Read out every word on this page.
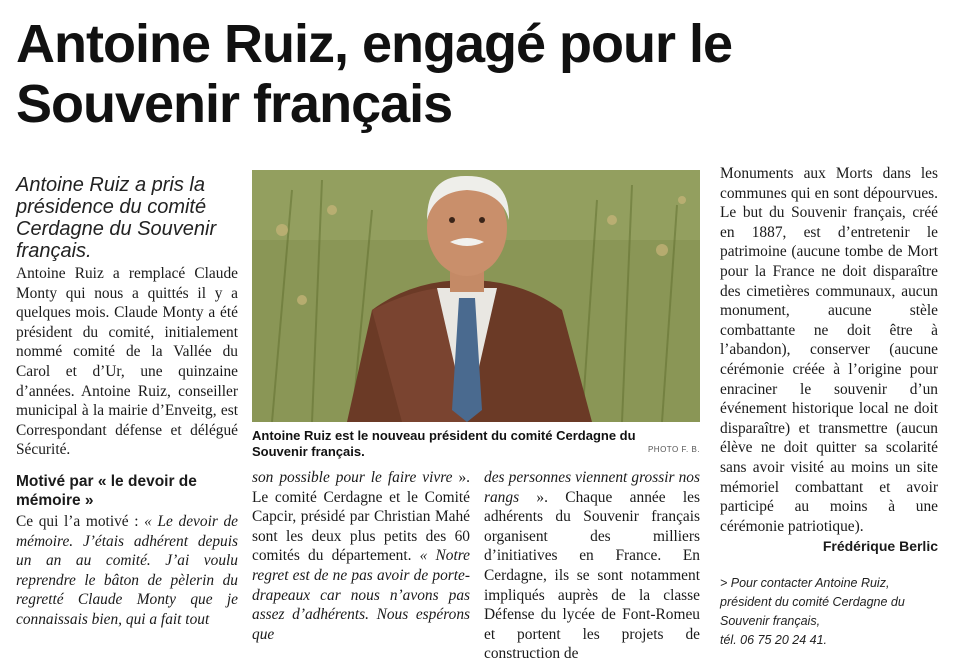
Antoine Ruiz, engagé pour le Souvenir français
Antoine Ruiz a pris la présidence du comité Cerdagne du Souvenir français.

Antoine Ruiz a remplacé Claude Monty qui nous a quittés il y a quelques mois. Claude Monty a été président du comité, initialement nommé comité de la Vallée du Carol et d’Ur, une quinzaine d’années. Antoine Ruiz, conseiller municipal à la mairie d’Enveitg, est Correspondant défense et délégué Sécurité.

Motivé par « le devoir de mémoire »

Ce qui l’a motivé : « Le devoir de mémoire. J’étais adhérent depuis un an au comité. J’ai voulu reprendre le bâton de pèlerin du regretté Claude Monty que je connaissais bien, qui a fait tout

Antoine Ruiz est le nouveau président du comité Cerdagne du Souvenir français.	PHOTO F. B.

son possible pour le faire vivre ». Le comité Cerdagne et le Comité Capcir, présidé par Christian Mahé sont les deux plus petits des 60 comités du département. « Notre regret est de ne pas avoir de porte-drapeaux car nous n’avons pas assez d’adhérents. Nous espérons que

des personnes viennent grossir nos rangs ». Chaque année les adhérents du Souvenir français organisent des milliers d’initiatives en France. En Cerdagne, ils se sont notamment impliqués auprès de la classe Défense du lycée de Font-Romeu et portent les projets de construction de

Monuments aux Morts dans les communes qui en sont dépourvues. Le but du Souvenir français, créé en 1887, est d’entretenir le patrimoine (aucune tombe de Mort pour la France ne doit disparaître des cimetières communaux, aucun monument, aucune stèle combattante ne doit être à l’abandon), conserver (aucune cérémonie créée à l’origine pour enraciner le souvenir d’un événement historique local ne doit disparaître) et transmettre (aucun élève ne doit quitter sa scolarité sans avoir visité au moins un site mémoriel combattant et avoir participé au moins à une cérémonie patriotique).

Frédérique Berlic
> Pour contacter Antoine Ruiz,
président du comité Cerdagne du
Souvenir français,
tél. 06 75 20 24 41.
